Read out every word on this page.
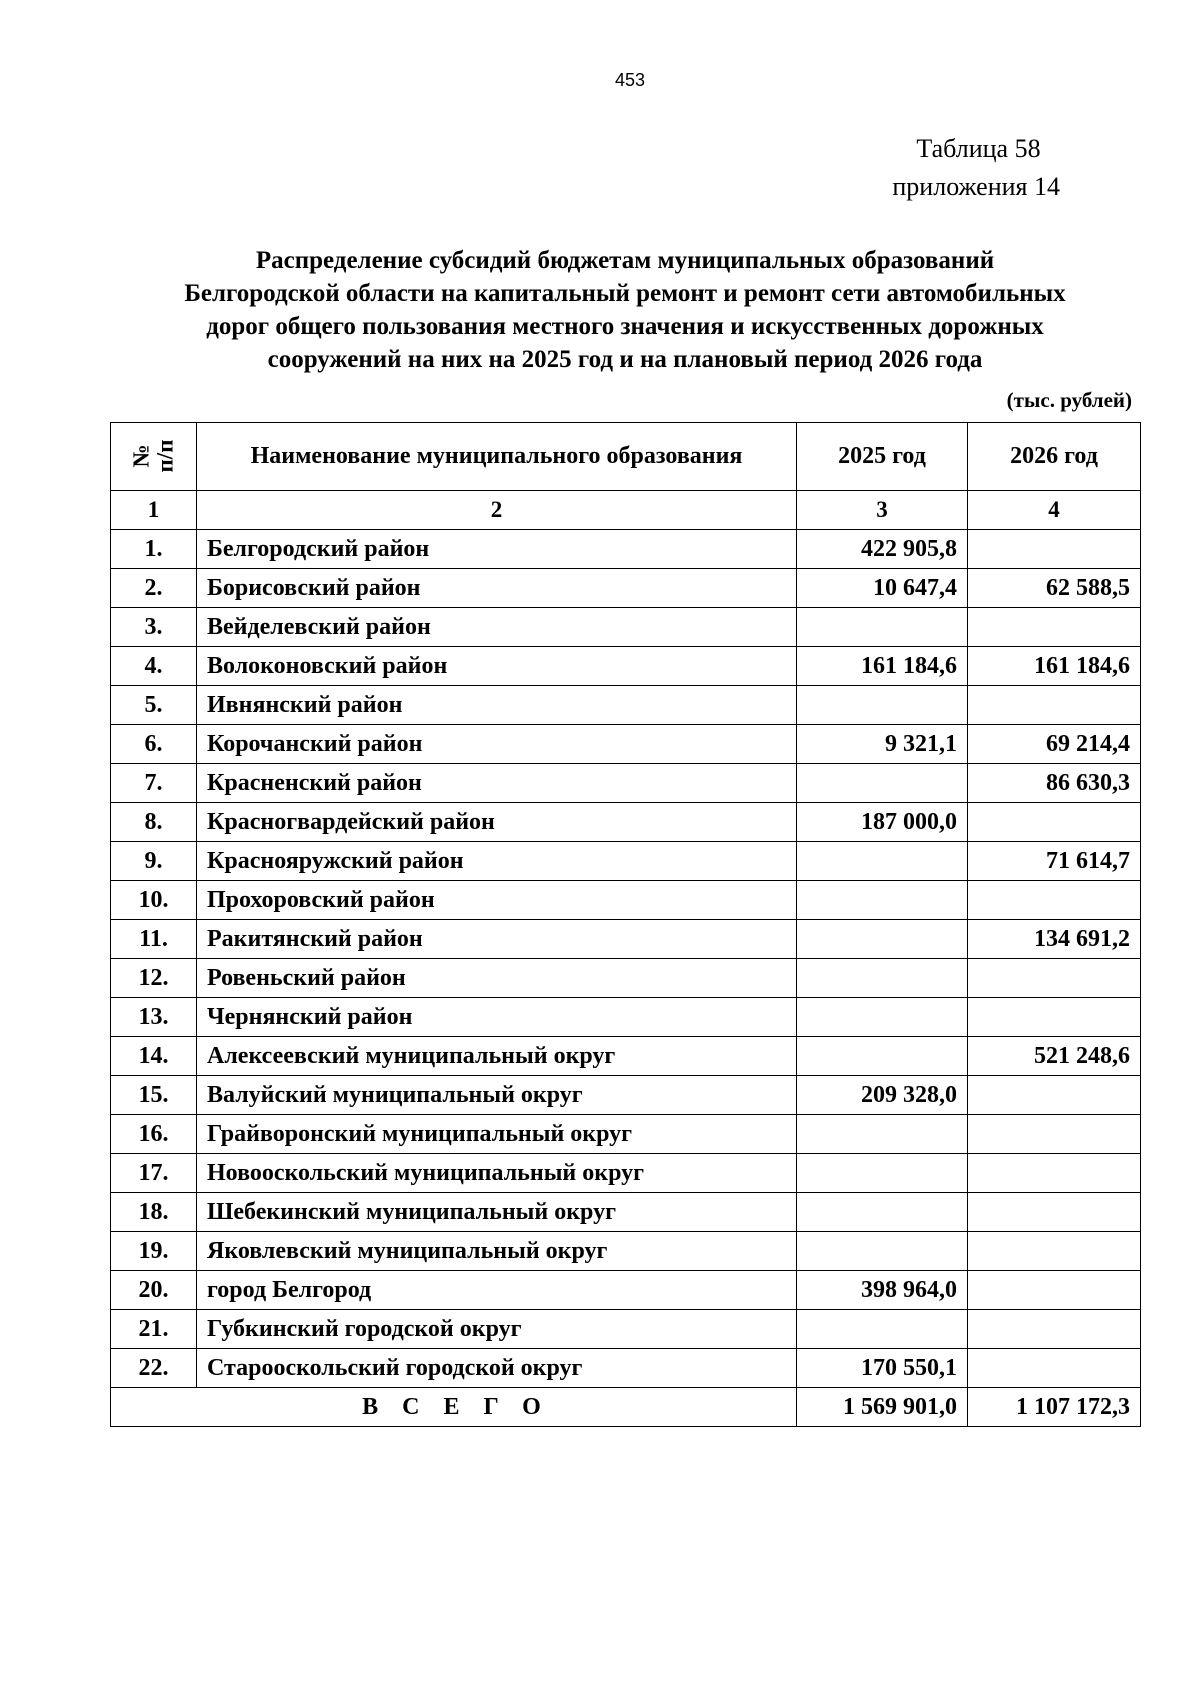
453
Таблица 58
приложения 14
Распределение субсидий бюджетам муниципальных образований
Белгородской области на капитальный ремонт и ремонт сети автомобильных
дорог общего пользования местного значения и искусственных дорожных
сооружений на них на 2025 год и на плановый период 2026 года
(тыс. рублей)
№
п/п	Наименование муниципального образования	2025 год	2026 год
1	2	3	4
1.	Белгородский район	422 905,8	
2.	Борисовский район	10 647,4	62 588,5
3.	Вейделевский район		
4.	Волоконовский район	161 184,6	161 184,6
5.	Ивнянский район		
6.	Корочанский район	9 321,1	69 214,4
7.	Красненский район		86 630,3
8.	Красногвардейский район	187 000,0	
9.	Краснояружский район		71 614,7
10.	Прохоровский район		
11.	Ракитянский район		134 691,2
12.	Ровеньский район		
13.	Чернянский район		
14.	Алексеевский муниципальный округ		521 248,6
15.	Валуйский муниципальный округ	209 328,0	
16.	Грайворонский муниципальный округ		
17.	Новооскольский муниципальный округ		
18.	Шебекинский муниципальный округ		
19.	Яковлевский муниципальный округ		
20.	город Белгород	398 964,0	
21.	Губкинский городской округ		
22.	Старооскольский городской округ	170 550,1	
ВСЕГО		1 569 901,0	1 107 172,3
